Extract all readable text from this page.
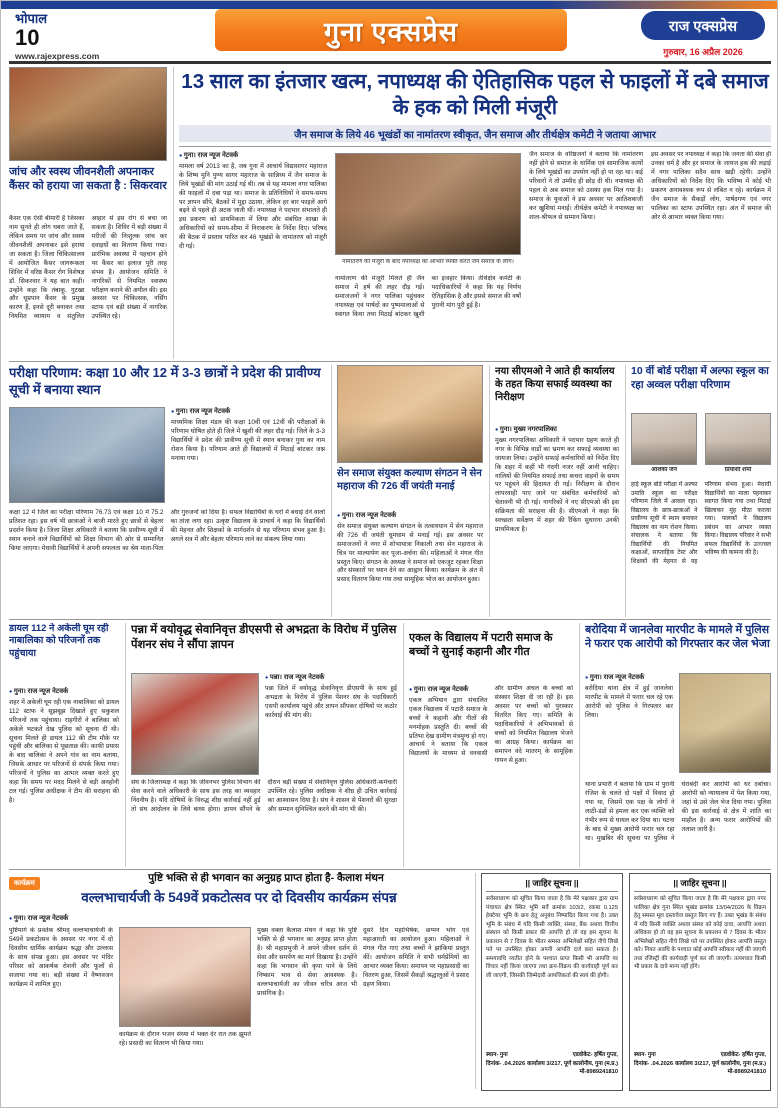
भोपाल
10
www.rajexpress.com
गुना एक्सप्रेस	राज एक्सप्रेस
गुरुवार, 16 अप्रैल 2026
जांच और स्वस्थ जीवनशैली अपनाकर कैंसर को हराया जा सकता है : सिकरवार
कैंसर एक ऐसी बीमारी है जिसका नाम सुनते ही लोग घबरा जाते हैं, लेकिन समय पर जांच और स्वस्थ जीवनशैली अपनाकर इसे हराया जा सकता है। जिला चिकित्सालय में आयोजित कैंसर जागरूकता शिविर में वरिष्ठ कैंसर रोग विशेषज्ञ डॉ. सिकरवार ने यह बात कही। उन्होंने कहा कि तंबाकू, गुटखा और धूम्रपान कैंसर के प्रमुख कारण हैं, इनसे दूरी बनाकर तथा नियमित व्यायाम व संतुलित आहार से इस रोग से बचा जा सकता है। शिविर में बड़ी संख्या में मरीजों की निःशुल्क जांच कर दवाइयों का वितरण किया गया। प्रारंभिक अवस्था में पहचान होने पर कैंसर का इलाज पूरी तरह संभव है। आयोजन समिति ने नागरिकों से नियमित स्वास्थ्य परीक्षण कराने की अपील की। इस अवसर पर चिकित्सक, नर्सिंग स्टाफ एवं बड़ी संख्या में नागरिक उपस्थित रहे।
13 साल का इंतजार खत्म, नपाध्यक्ष की ऐतिहासिक पहल से फाइलों में दबे समाज के हक को मिली मंजूरी
जैन समाज के लिये 46 भूखंडों का नामांतरण स्वीकृत, जैन समाज और तीर्थक्षेत्र कमेटी ने जताया आभार
● गुना। राज न्यूज नेटवर्क
मामला वर्ष 2013 का है, जब गुना में आचार्य विद्यासागर महाराज के शिष्य मुनि पुण्य सागर महाराज के सान्निध्य में जैन समाज के लिये भूखंडों की मांग उठाई गई थी। तब से यह मामला नगर पालिका की फाइलों में दबा पड़ा था। समाज के प्रतिनिधियों ने समय-समय पर ज्ञापन सौंपे, बैठकों में मुद्दा उठाया, लेकिन हर बार फाइलें आगे बढ़ने से पहले ही अटक जाती थीं। नपाध्यक्ष ने पदभार संभालते ही इस प्रकरण को प्राथमिकता में लिया और संबंधित शाखा के अधिकारियों को समय-सीमा में निराकरण के निर्देश दिए। परिषद की बैठक में प्रस्ताव पारित कर 46 भूखंडों के नामांतरण को मंजूरी दी गई।
नामांतरण की मंजूरी के बाद नपाध्यक्ष का आभार व्यक्त करते जैन समाज के लोग।
नामांतरण की मंजूरी मिलते ही जैन समाज में हर्ष की लहर दौड़ गई। समाजजनों ने नगर पालिका पहुंचकर नपाध्यक्ष एवं पार्षदों का पुष्पमालाओं से स्वागत किया तथा मिठाई बांटकर खुशी का इजहार किया। तीर्थक्षेत्र कमेटी के पदाधिकारियों ने कहा कि यह निर्णय ऐतिहासिक है और इससे समाज की वर्षों पुरानी मांग पूरी हुई है।
जैन समाज के वरिष्ठजनों ने बताया कि नामांतरण नहीं होने से समाज के धार्मिक एवं सामाजिक कार्यों के लिये भूखंडों का उपयोग नहीं हो पा रहा था। कई परिवारों ने तो उम्मीद ही छोड़ दी थी। नपाध्यक्ष की पहल से अब समाज को उसका हक मिल गया है। समाज के युवाओं ने इस अवसर पर आतिशबाजी कर खुशियां मनाईं। तीर्थक्षेत्र कमेटी ने नपाध्यक्ष का शाल-श्रीफल से सम्मान किया।
इस अवसर पर नपाध्यक्ष ने कहा कि जनता की सेवा ही उनका धर्म है और हर समाज के जायज हक की लड़ाई में नगर पालिका सदैव साथ खड़ी रहेगी। उन्होंने अधिकारियों को निर्देश दिए कि भविष्य में कोई भी प्रकरण अनावश्यक रूप से लंबित न रहे। कार्यक्रम में जैन समाज के सैकड़ों लोग, पार्षदगण एवं नगर पालिका का स्टाफ उपस्थित रहा। अंत में समाज की ओर से आभार व्यक्त किया गया।
परीक्षा परिणाम: कक्षा 10 और 12 में 3-3 छात्रों ने प्रदेश की प्रावीण्य सूची में बनाया स्थान
● गुना। राज न्यूज नेटवर्क
माध्यमिक शिक्षा मंडल की कक्षा 10वीं एवं 12वीं की परीक्षाओं के परिणाम घोषित होते ही जिले में खुशी की लहर दौड़ गई। जिले के 3-3 विद्यार्थियों ने प्रदेश की प्रावीण्य सूची में स्थान बनाकर गुना का नाम रोशन किया है। परिणाम आते ही विद्यालयों में मिठाई बांटकर जश्न मनाया गया।
कक्षा 12 में जिले का परीक्षा परिणाम 76.73 एवं कक्षा 10 में 75.2 प्रतिशत रहा। इस वर्ष भी छात्राओं ने बाजी मारते हुए छात्रों से बेहतर प्रदर्शन किया है। जिला शिक्षा अधिकारी ने बताया कि प्रावीण्य सूची में स्थान बनाने वाले विद्यार्थियों को शिक्षा विभाग की ओर से सम्मानित किया जाएगा। मेधावी विद्यार्थियों ने अपनी सफलता का श्रेय माता-पिता और गुरुजनों को दिया है। सफल विद्यार्थियों के घरों में बधाई देने वालों का तांता लगा रहा। उत्कृष्ट विद्यालय के प्राचार्य ने कहा कि विद्यार्थियों की मेहनत और शिक्षकों के मार्गदर्शन से यह परिणाम संभव हुआ है। अगले सत्र में और बेहतर परिणाम लाने का संकल्प लिया गया।
सेन समाज संयुक्त कल्याण संगठन ने सेन महाराज की 726 वीं जयंती मनाई
● गुना। राज न्यूज नेटवर्क
सेन समाज संयुक्त कल्याण संगठन के तत्वावधान में सेन महाराज की 726 वीं जयंती धूमधाम से मनाई गई। इस अवसर पर समाजजनों ने नगर में शोभायात्रा निकाली तथा सेन महाराज के चित्र पर माल्यार्पण कर पूजा-अर्चना की। महिलाओं ने मंगल गीत प्रस्तुत किए। संगठन के अध्यक्ष ने समाज को एकजुट रहकर शिक्षा और संस्कारों पर ध्यान देने का आह्वान किया। कार्यक्रम के अंत में प्रसाद वितरण किया गया तथा सामूहिक भोज का आयोजन हुआ।
नया सीएमओ ने आते ही कार्यालय के तहत किया सफाई व्यवस्था का निरीक्षण
● गुना। मुख्य नगरपालिका
मुख्य नगरपालिका अधिकारी ने पदभार ग्रहण करते ही नगर के विभिन्न वार्डों का भ्रमण कर सफाई व्यवस्था का जायजा लिया। उन्होंने सफाई कर्मचारियों को निर्देश दिए कि शहर में कहीं भी गंदगी नजर नहीं आनी चाहिए। नालियों की नियमित सफाई तथा कचरा वाहनों के समय पर पहुंचने की हिदायत दी गई। निरीक्षण के दौरान लापरवाही पाए जाने पर संबंधित कर्मचारियों को चेतावनी भी दी गई। नागरिकों ने नए सीएमओ की इस सक्रियता की सराहना की है। सीएमओ ने कहा कि स्वच्छता सर्वेक्षण में शहर की रैंकिंग सुधारना उनकी प्राथमिकता है।
10 वीं बोर्ड परीक्षा में अल्फा स्कूल का रहा अव्वल परीक्षा परिणाम
अंशिका जैन	प्रियांशी शर्मा
हाई स्कूल बोर्ड परीक्षा में अल्फा उमावि स्कूल का परीक्षा परिणाम जिले में अव्वल रहा। विद्यालय के छात्र-छात्राओं ने प्रावीण्य सूची में स्थान बनाकर विद्यालय का नाम रोशन किया। संचालक ने बताया कि विद्यार्थियों की नियमित कक्षाओं, साप्ताहिक टेस्ट और शिक्षकों की मेहनत से यह परिणाम संभव हुआ। मेधावी विद्यार्थियों का माला पहनाकर स्वागत किया गया तथा मिठाई खिलाकर मुंह मीठा कराया गया। पालकों ने विद्यालय प्रबंधन का आभार व्यक्त किया। विद्यालय परिवार ने सभी सफल विद्यार्थियों के उज्ज्वल भविष्य की कामना की है।
डायल 112 ने अकेली घूम रही नाबालिका को परिजनों तक पहुंचाया
● गुना। राज न्यूज नेटवर्क
शहर में अकेली घूम रही एक नाबालिका को डायल 112 स्टाफ ने सूझबूझ दिखाते हुए सकुशल परिजनों तक पहुंचाया। राहगीरों ने बालिका को अकेले भटकते देख पुलिस को सूचना दी थी। सूचना मिलते ही डायल 112 की टीम मौके पर पहुंची और बालिका से पूछताछ की। काफी प्रयास के बाद बालिका ने अपने गांव का नाम बताया, जिसके आधार पर परिजनों से संपर्क किया गया। परिजनों ने पुलिस का आभार व्यक्त करते हुए कहा कि समय पर मदद मिलने से बड़ी अनहोनी टल गई। पुलिस अधीक्षक ने टीम की सराहना की है।
पन्ना में वयोवृद्ध सेवानिवृत्त डीएसपी से अभद्रता के विरोध में पुलिस पेंशनर संघ ने सौंपा ज्ञापन
● पन्ना। राज न्यूज नेटवर्क
पन्ना जिले में वयोवृद्ध सेवानिवृत्त डीएसपी के साथ हुई अभद्रता के विरोध में पुलिस पेंशनर संघ के पदाधिकारी एसपी कार्यालय पहुंचे और ज्ञापन सौंपकर दोषियों पर कठोर कार्रवाई की मांग की।
संघ के जिलाध्यक्ष ने कहा कि जीवनभर पुलिस विभाग की सेवा करने वाले अधिकारी के साथ इस तरह का व्यवहार निंदनीय है। यदि दोषियों के विरुद्ध शीघ्र कार्रवाई नहीं हुई तो संघ आंदोलन के लिये बाध्य होगा। ज्ञापन सौंपने के दौरान बड़ी संख्या में सेवानिवृत्त पुलिस अधिकारी-कर्मचारी उपस्थित रहे। पुलिस अधीक्षक ने शीघ्र ही उचित कार्रवाई का आश्वासन दिया है। संघ ने शासन से पेंशनरों की सुरक्षा और सम्मान सुनिश्चित करने की मांग भी की।
एकल के विद्यालय में पटारी समाज के बच्चों ने सुनाई कहानी और गीत
● गुना। राज न्यूज नेटवर्क
एकल अभियान द्वारा संचालित एकल विद्यालय में पटारी समाज के बच्चों ने कहानी और गीतों की मनमोहक प्रस्तुति दी। बच्चों की प्रतिभा देख ग्रामीण मंत्रमुग्ध हो गए। आचार्य ने बताया कि एकल विद्यालयों के माध्यम से वनवासी और ग्रामीण अंचल के बच्चों को संस्कार शिक्षा दी जा रही है। इस अवसर पर बच्चों को पुरस्कार वितरित किए गए। समिति के पदाधिकारियों ने अभिभावकों से बच्चों को नियमित विद्यालय भेजने का आग्रह किया। कार्यक्रम का समापन वंदे मातरम् के सामूहिक गायन से हुआ।
बरोदिया में जानलेवा मारपीट के मामले में पुलिस ने फरार एक आरोपी को गिरफ्तार कर जेल भेजा
● गुना। राज न्यूज नेटवर्क
बरोदिया थाना क्षेत्र में हुई जानलेवा मारपीट के मामले में फरार चल रहे एक आरोपी को पुलिस ने गिरफ्तार कर लिया।
थाना प्रभारी ने बताया कि ग्राम में पुरानी रंजिश के चलते दो पक्षों में विवाद हो गया था, जिसमें एक पक्ष के लोगों ने लाठी-डंडों से हमला कर एक व्यक्ति को गंभीर रूप से घायल कर दिया था। घटना के बाद से मुख्य आरोपी फरार चल रहा था। मुखबिर की सूचना पर पुलिस ने घेराबंदी कर आरोपी को धर दबोचा। आरोपी को न्यायालय में पेश किया गया, जहां से उसे जेल भेज दिया गया। पुलिस की इस कार्रवाई से क्षेत्र में शांति का माहौल है। अन्य फरार आरोपियों की तलाश जारी है।
कार्यक्रम	पुष्टि भक्ति से ही भगवान का अनुग्रह प्राप्त होता है- कैलाश मंथन
वल्लभाचार्यजी के 549वें प्रकटोत्सव पर दो दिवसीय कार्यक्रम संपन्न
● गुना। राज न्यूज नेटवर्क
पुष्टिमार्ग के प्रवर्तक श्रीमद् वल्लभाचार्यजी के 549वें प्रकटोत्सव के अवसर पर नगर में दो दिवसीय धार्मिक कार्यक्रम श्रद्धा और उल्लास के साथ संपन्न हुआ। इस अवसर पर मंदिर परिसर को आकर्षक रोशनी और फूलों से सजाया गया था। बड़ी संख्या में वैष्णवजन कार्यक्रम में शामिल हुए।
कार्यक्रम के दौरान भजन संध्या में भक्त देर रात तक झूमते रहे। प्रसादी का वितरण भी किया गया।
मुख्य वक्ता कैलाश मंथन ने कहा कि पुष्टि भक्ति से ही भगवान का अनुग्रह प्राप्त होता है। श्री महाप्रभुजी ने अपने जीवन दर्शन से सेवा और समर्पण का मार्ग दिखाया है। उन्होंने कहा कि भगवान की कृपा पाने के लिये निष्काम भाव से सेवा आवश्यक है। वल्लभाचार्यजी का जीवन चरित्र आज भी प्रासंगिक है।
दूसरे दिन महाभिषेक, छप्पन भोग एवं महाआरती का आयोजन हुआ। महिलाओं ने मंगल गीत गाए तथा बच्चों ने झांकियां प्रस्तुत कीं। आयोजन समिति ने सभी धर्मप्रेमियों का आभार व्यक्त किया। समापन पर महाप्रसादी का वितरण हुआ, जिसमें सैकड़ों श्रद्धालुओं ने प्रसाद ग्रहण किया।
|| जाहिर सूचना ||
सर्वसाधारण को सूचित किया जाता है कि मेरे पक्षकार द्वारा ग्राम पंचायत क्षेत्र स्थित भूमि सर्वे क्रमांक 103/2, रकबा 0.125 हेक्टेयर भूमि के क्रय हेतु अनुबंध निष्पादित किया गया है। उक्त भूमि के संबंध में यदि किसी व्यक्ति, संस्था, बैंक अथवा वित्तीय संस्थान को किसी प्रकार की आपत्ति हो तो वह इस सूचना के प्रकाशन से 7 दिवस के भीतर समस्त अभिलेखों सहित नीचे लिखे पते पर उपस्थित होकर अपनी आपत्ति दर्ज करा सकता है। समयावधि व्यतीत होने के पश्चात प्राप्त किसी भी आपत्ति पर विचार नहीं किया जाएगा तथा क्रय-विक्रय की कार्यवाही पूर्ण कर ली जाएगी, जिसकी जिम्मेदारी आपत्तिकर्ता की स्वयं की होगी।
स्थान- गुना
दिनांक- .04.2026
एडवोकेट- हर्षित गुप्ता,
कार्यालय 3/217, पूर्ण कालोनीय, गुना (म.प्र.)
मो-8989241810
|| जाहिर सूचना ||
सर्वसाधारण को सूचित किया जाता है कि मेरे पक्षकार द्वारा नगर पालिका क्षेत्र गुना स्थित भूखंड क्रमांक 13/04/2026 के विक्रय हेतु समस्त मूल दस्तावेज प्रस्तुत किए गए हैं। उक्त भूखंड के संबंध में यदि किसी व्यक्ति अथवा संस्था को कोई दावा, आपत्ति अथवा अधिकार हो तो वह इस सूचना के प्रकाशन से 7 दिवस के भीतर अभिलेखों सहित नीचे लिखे पते पर उपस्थित होकर आपत्ति प्रस्तुत करे। नियत अवधि के पश्चात कोई आपत्ति स्वीकार नहीं की जाएगी तथा रजिस्ट्री की कार्यवाही पूर्ण कर ली जाएगी। तत्पश्चात किसी भी प्रकार के दावे मान्य नहीं होंगे।
स्थान- गुना
दिनांक- .04.2026
एडवोकेट- हर्षित गुप्ता,
कार्यालय 3/217, पूर्ण कालोनीय, गुना (म.प्र.)
मो-8989241810
